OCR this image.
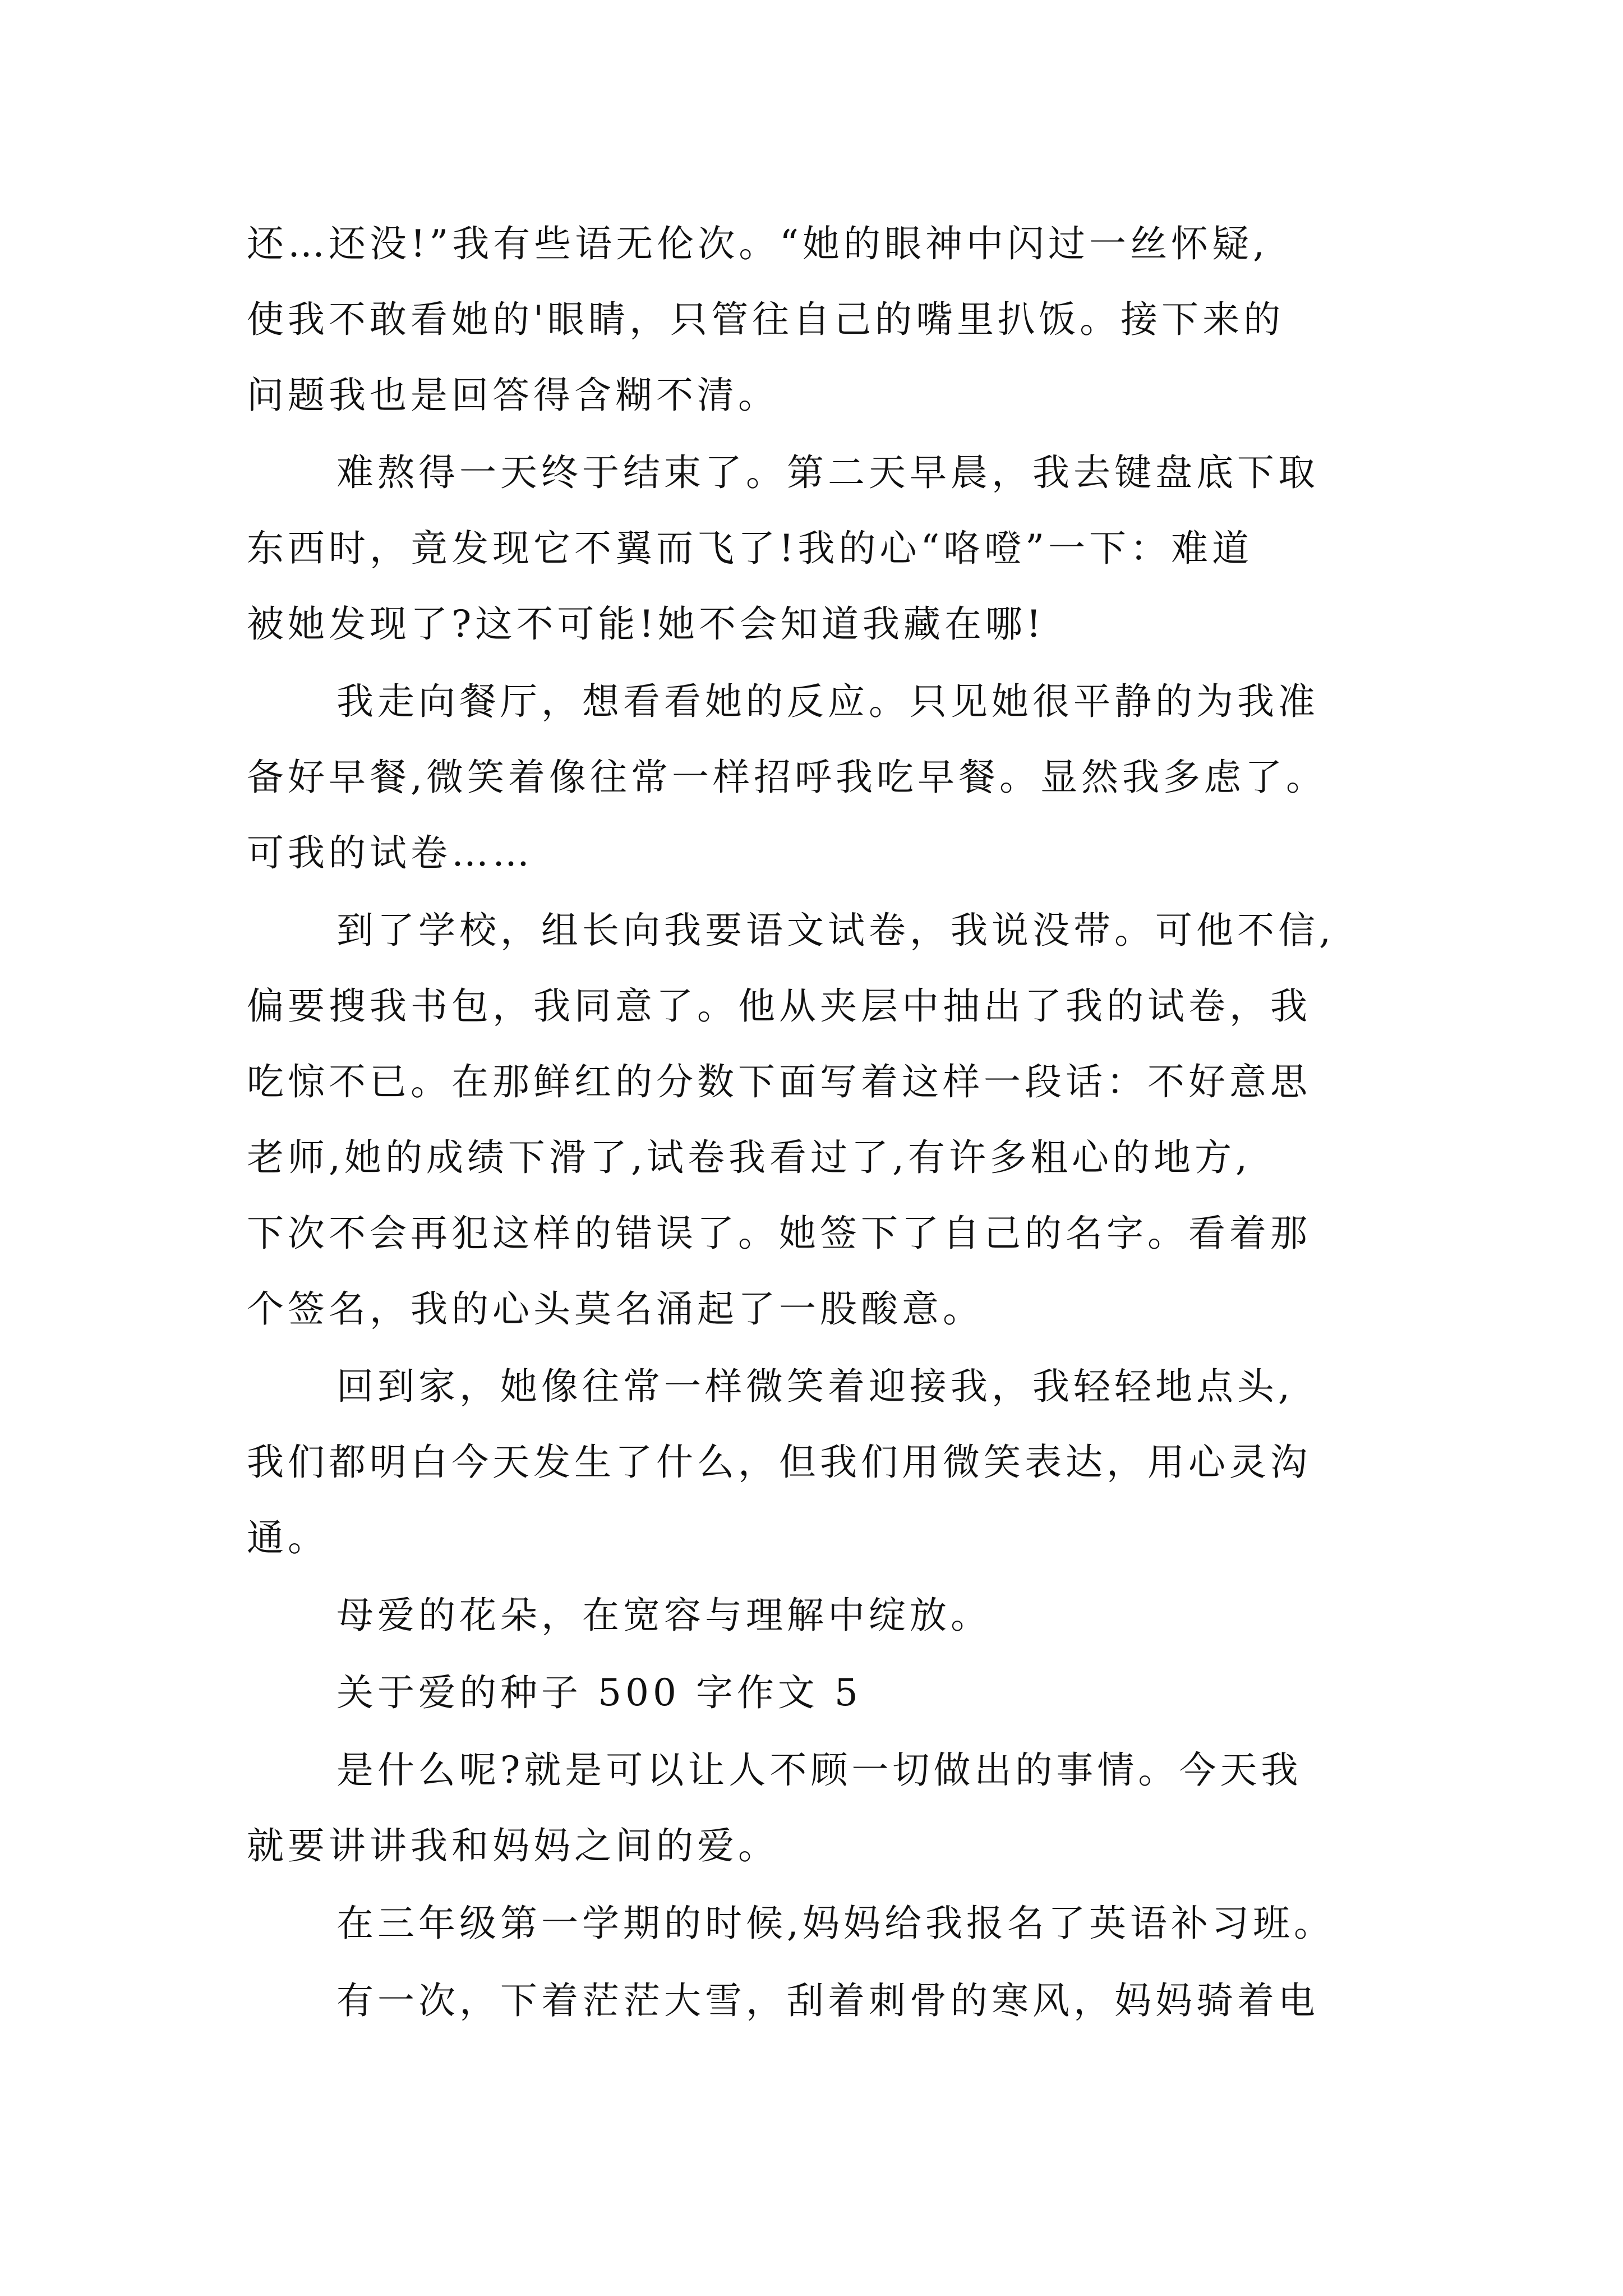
还…还没!”我有些语无伦次。“她的眼神中闪过一丝怀疑,
使我不敢看她的'眼睛，只管往自己的嘴里扒饭。接下来的
问题我也是回答得含糊不清。
难熬得一天终于结束了。第二天早晨，我去键盘底下取
东西时，竟发现它不翼而飞了!我的心“咯噔”一下：难道
被她发现了?这不可能!她不会知道我藏在哪!
我走向餐厅，想看看她的反应。只见她很平静的为我准
备好早餐,微笑着像往常一样招呼我吃早餐。显然我多虑了。
可我的试卷……
到了学校，组长向我要语文试卷，我说没带。可他不信,
偏要搜我书包，我同意了。他从夹层中抽出了我的试卷，我
吃惊不已。在那鲜红的分数下面写着这样一段话：不好意思
老师,她的成绩下滑了,试卷我看过了,有许多粗心的地方,
下次不会再犯这样的错误了。她签下了自己的名字。看着那
个签名，我的心头莫名涌起了一股酸意。
回到家，她像往常一样微笑着迎接我，我轻轻地点头,
我们都明白今天发生了什么，但我们用微笑表达，用心灵沟
通。
母爱的花朵，在宽容与理解中绽放。
关于爱的种子 500 字作文 5
是什么呢?就是可以让人不顾一切做出的事情。今天我
就要讲讲我和妈妈之间的爱。
在三年级第一学期的时候,妈妈给我报名了英语补习班。
有一次，下着茫茫大雪，刮着刺骨的寒风，妈妈骑着电
